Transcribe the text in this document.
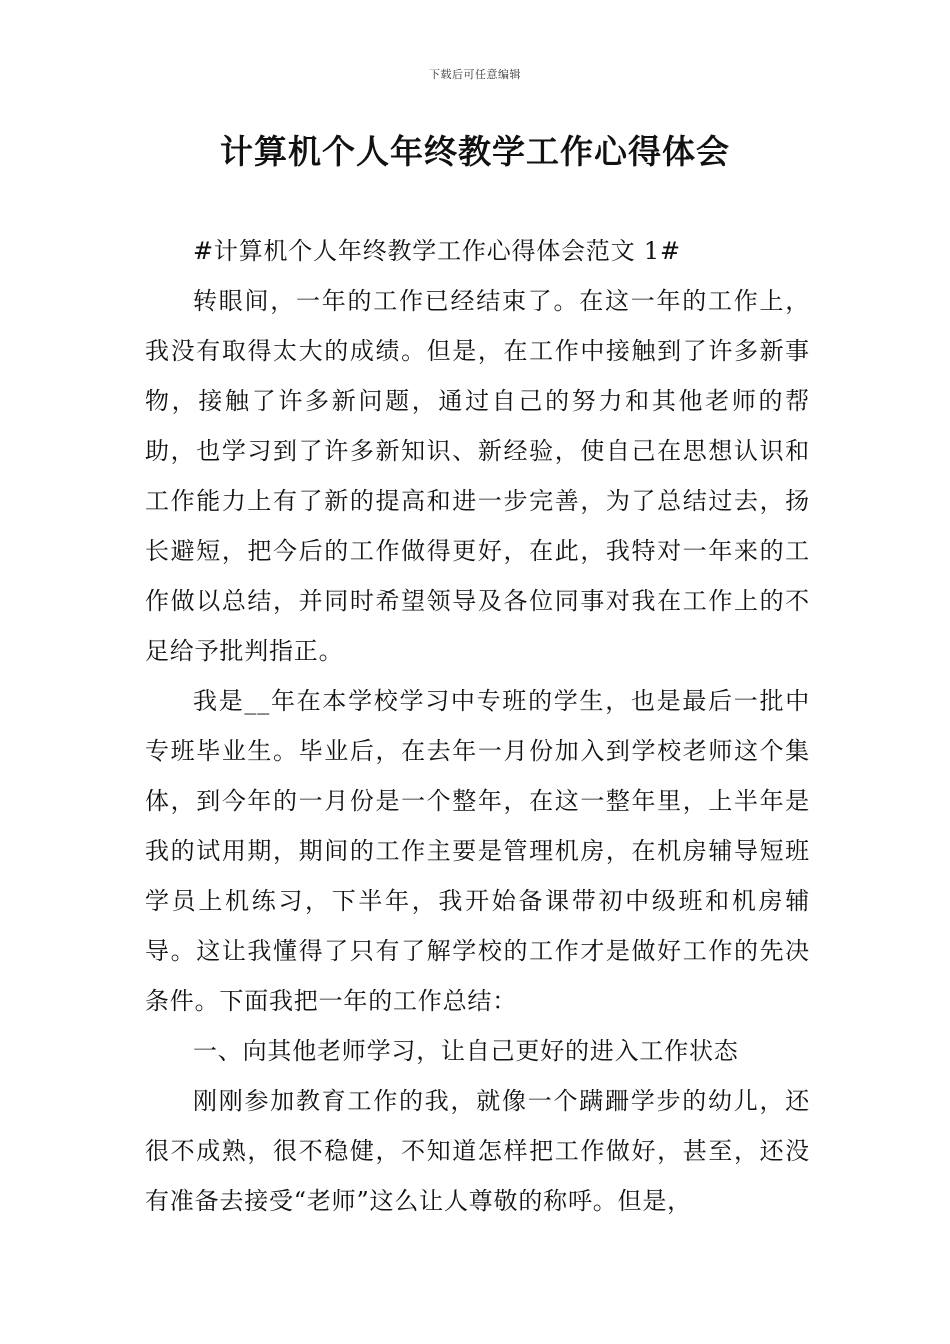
下载后可任意编辑
计算机个人年终教学工作心得体会

#计算机个人年终教学工作心得体会范文 1#

转眼间，一年的工作已经结束了。在这一年的工作上，我没有取得太大的成绩。但是，在工作中接触到了许多新事物，接触了许多新问题，通过自己的努力和其他老师的帮助，也学习到了许多新知识、新经验，使自己在思想认识和工作能力上有了新的提高和进一步完善，为了总结过去，扬长避短，把今后的工作做得更好，在此，我特对一年来的工作做以总结，并同时希望领导及各位同事对我在工作上的不足给予批判指正。

我是__年在本学校学习中专班的学生，也是最后一批中专班毕业生。毕业后，在去年一月份加入到学校老师这个集体，到今年的一月份是一个整年，在这一整年里，上半年是我的试用期，期间的工作主要是管理机房，在机房辅导短班学员上机练习，下半年，我开始备课带初中级班和机房辅导。这让我懂得了只有了解学校的工作才是做好工作的先决条件。下面我把一年的工作总结：

一、向其他老师学习，让自己更好的进入工作状态

刚刚参加教育工作的我，就像一个蹒跚学步的幼儿，还很不成熟，很不稳健，不知道怎样把工作做好，甚至，还没有准备去接受“老师”这么让人尊敬的称呼。但是，
